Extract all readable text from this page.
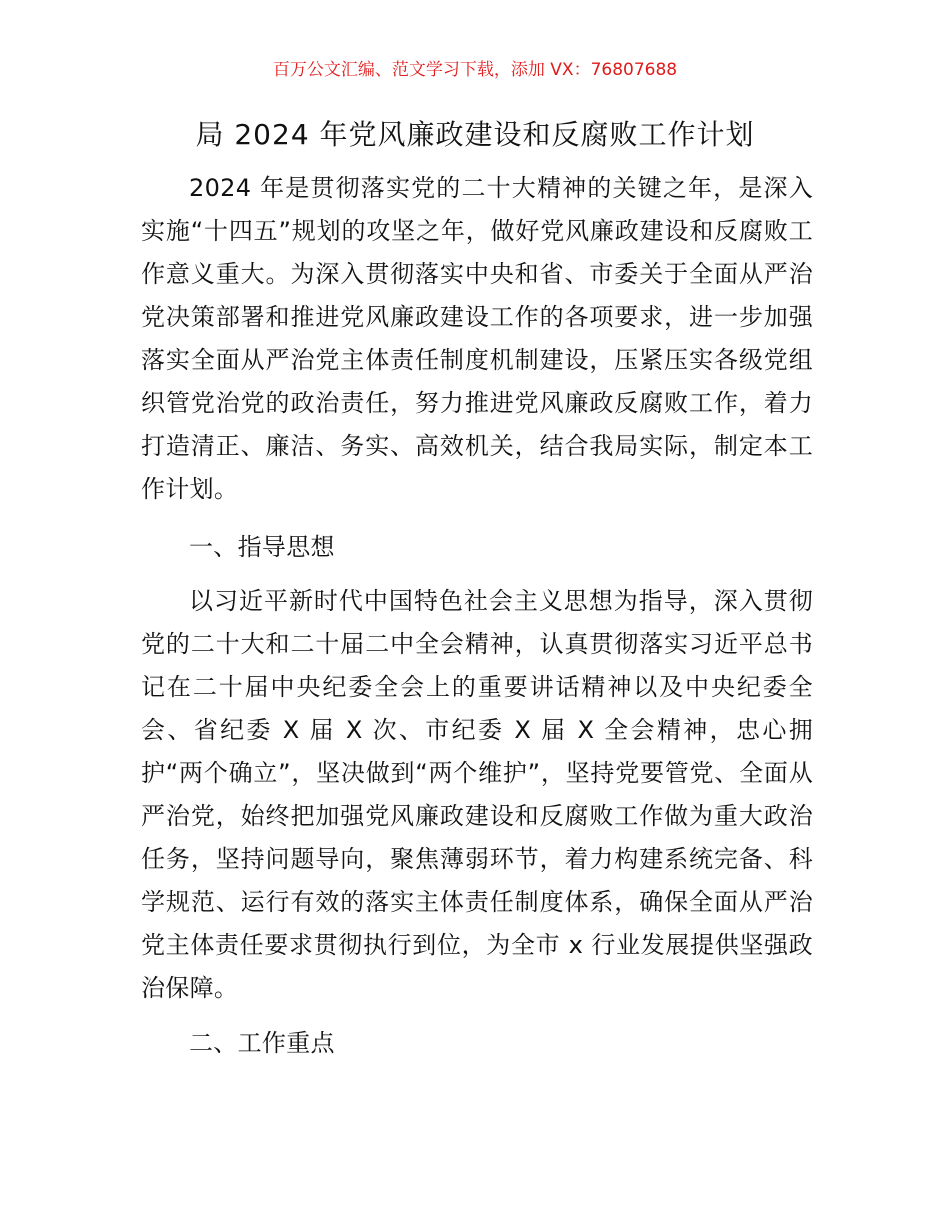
百万公文汇编、范文学习下载，添加 VX：76807688
局 2024 年党风廉政建设和反腐败工作计划

2024 年是贯彻落实党的二十大精神的关键之年，是深入实施“十四五”规划的攻坚之年，做好党风廉政建设和反腐败工作意义重大。为深入贯彻落实中央和省、市委关于全面从严治党决策部署和推进党风廉政建设工作的各项要求，进一步加强落实全面从严治党主体责任制度机制建设，压紧压实各级党组织管党治党的政治责任，努力推进党风廉政反腐败工作，着力打造清正、廉洁、务实、高效机关，结合我局实际，制定本工作计划。

一、指导思想

以习近平新时代中国特色社会主义思想为指导，深入贯彻党的二十大和二十届二中全会精神，认真贯彻落实习近平总书记在二十届中央纪委全会上的重要讲话精神以及中央纪委全会、省纪委 X 届 X 次、市纪委 X 届 X 全会精神，忠心拥护“两个确立”，坚决做到“两个维护”，坚持党要管党、全面从严治党，始终把加强党风廉政建设和反腐败工作做为重大政治任务，坚持问题导向，聚焦薄弱环节，着力构建系统完备、科学规范、运行有效的落实主体责任制度体系，确保全面从严治党主体责任要求贯彻执行到位，为全市 x 行业发展提供坚强政治保障。

二、工作重点
